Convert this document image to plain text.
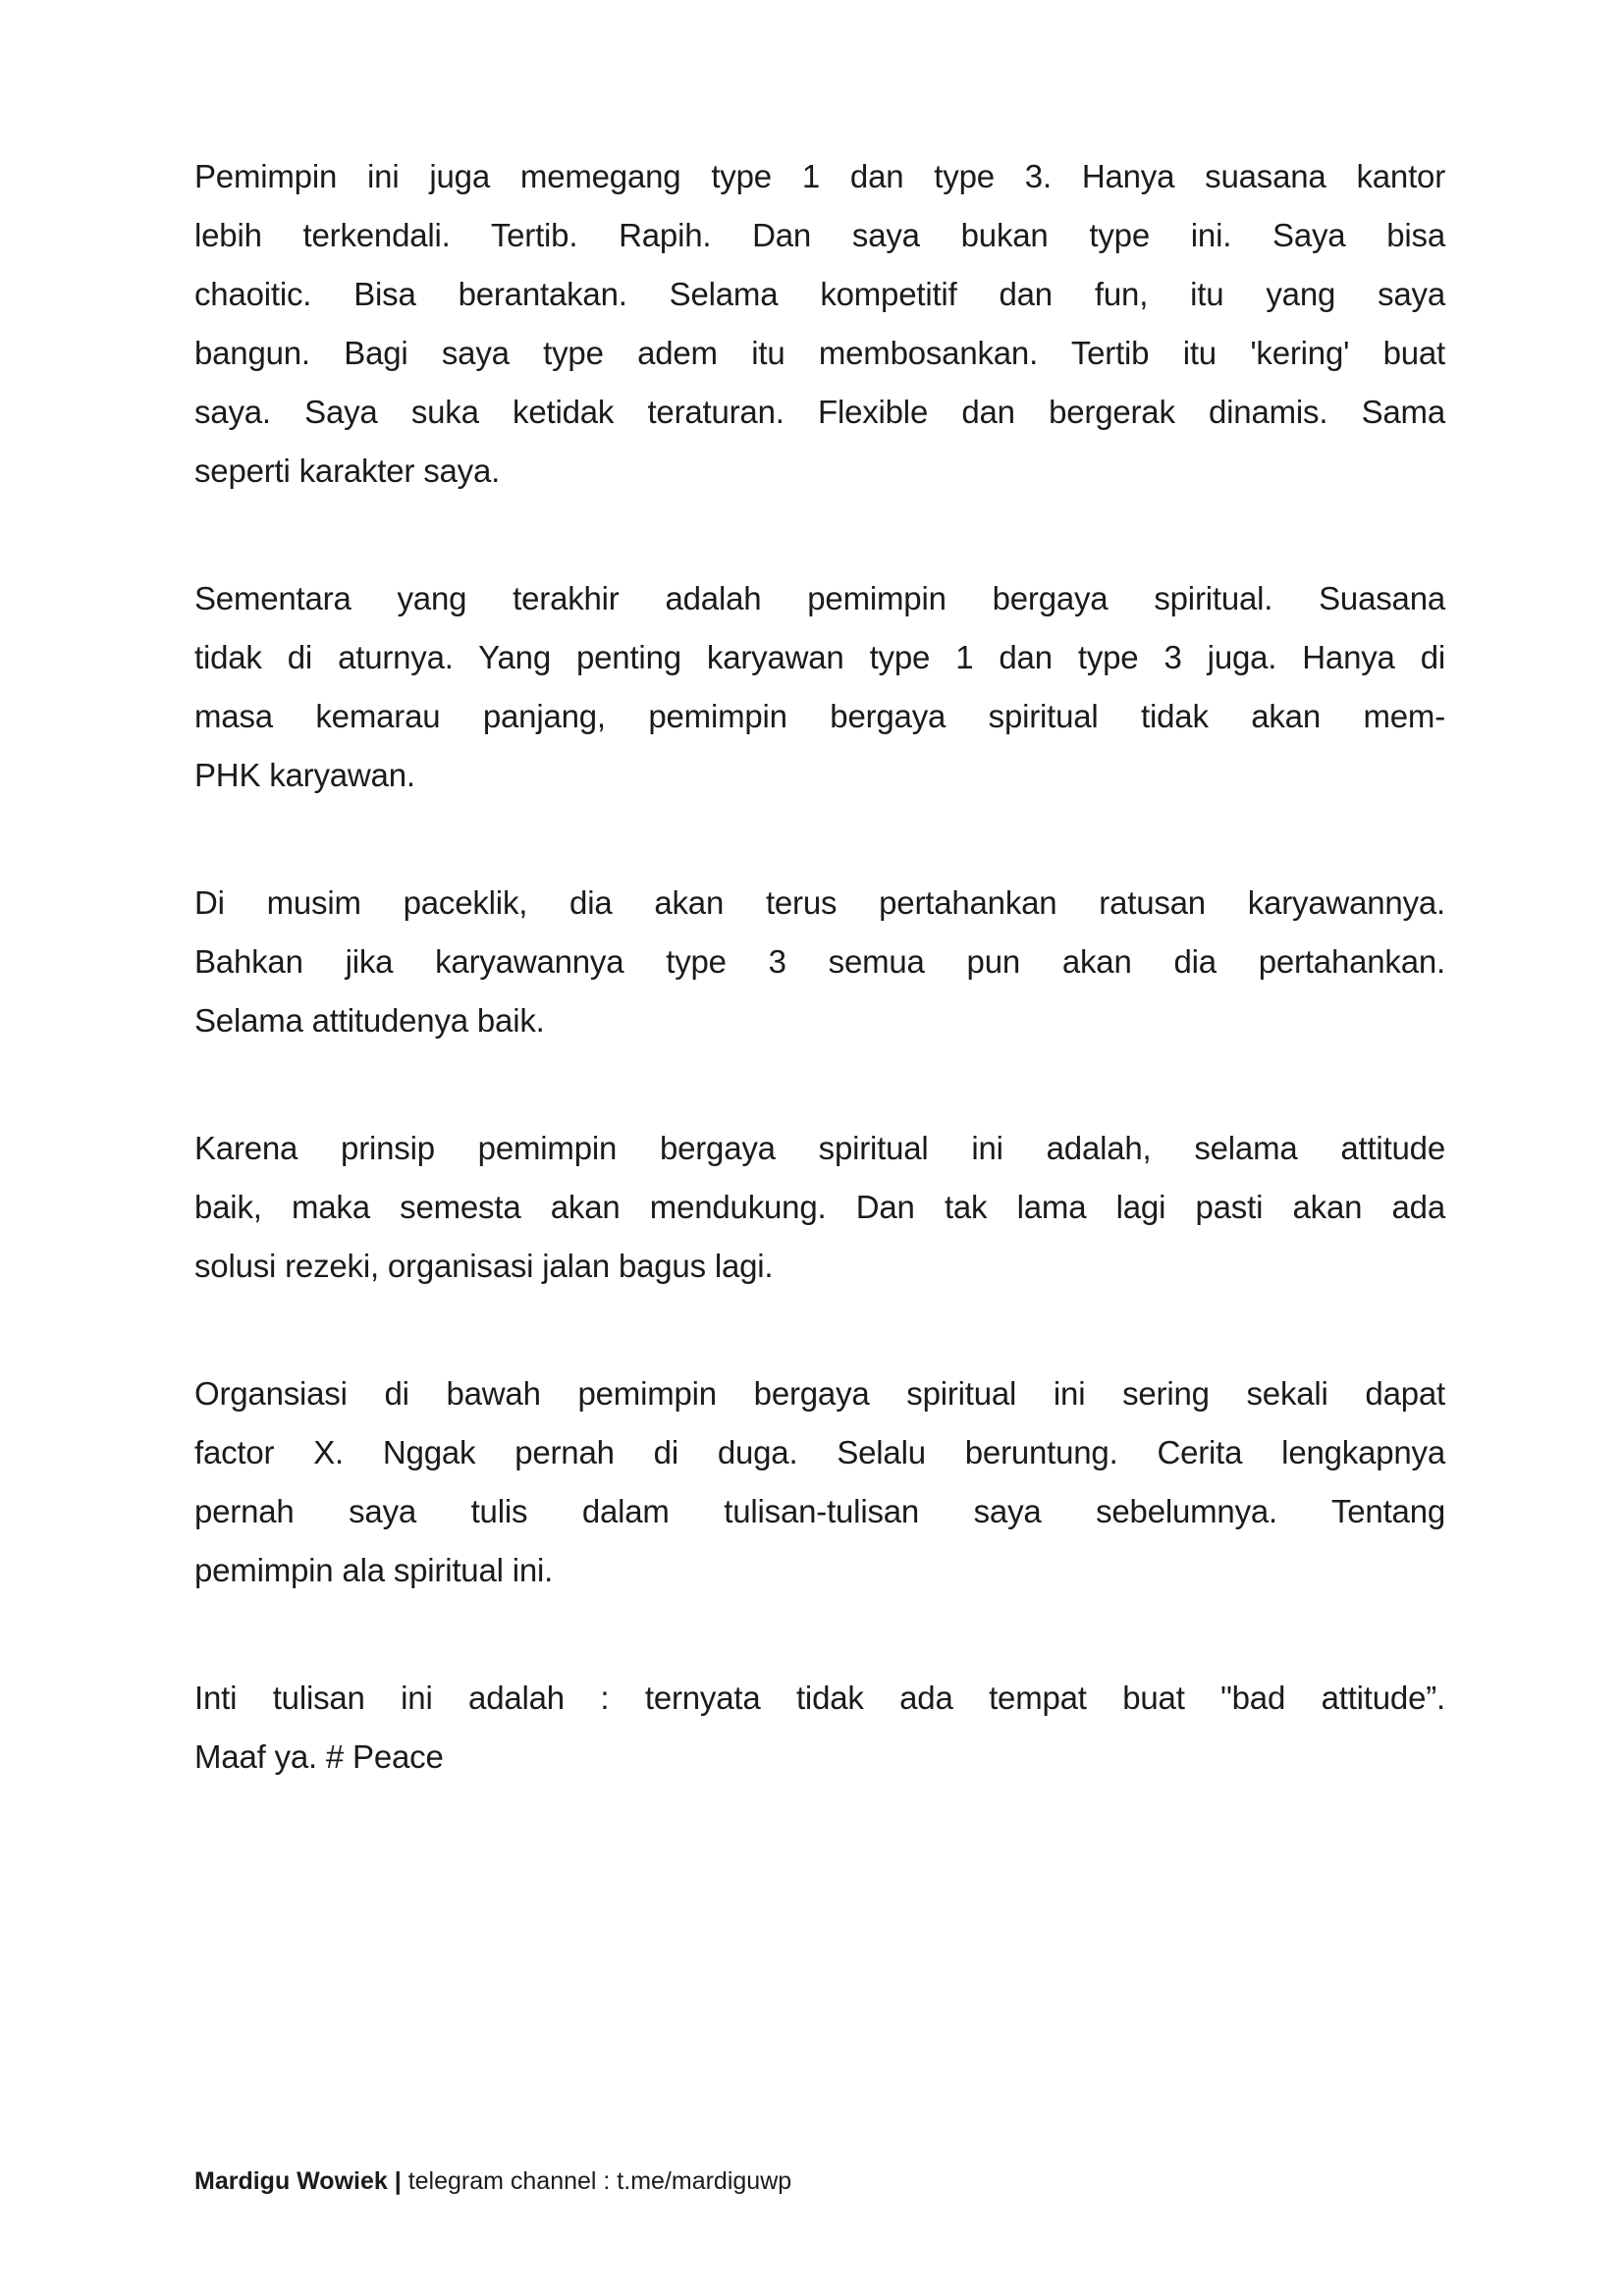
Pemimpin ini juga memegang type 1 dan type 3. Hanya suasana kantor
lebih terkendali. Tertib. Rapih. Dan saya bukan type ini. Saya bisa
chaoitic. Bisa berantakan. Selama kompetitif dan fun, itu yang saya
bangun. Bagi saya type adem itu membosankan. Tertib itu 'kering' buat
saya. Saya suka ketidak teraturan. Flexible dan bergerak dinamis. Sama
seperti karakter saya.
Sementara yang terakhir adalah pemimpin bergaya spiritual. Suasana
tidak di aturnya. Yang penting karyawan type 1 dan type 3 juga. Hanya di
masa kemarau panjang, pemimpin bergaya spiritual tidak akan mem-
PHK karyawan.
Di musim paceklik, dia akan terus pertahankan ratusan karyawannya.
Bahkan jika karyawannya type 3 semua pun akan dia pertahankan.
Selama attitudenya baik.
Karena prinsip pemimpin bergaya spiritual ini adalah, selama attitude
baik, maka semesta akan mendukung. Dan tak lama lagi pasti akan ada
solusi rezeki, organisasi jalan bagus lagi.
Organsiasi di bawah pemimpin bergaya spiritual ini sering sekali dapat
factor X. Nggak pernah di duga. Selalu beruntung. Cerita lengkapnya
pernah saya tulis dalam tulisan-tulisan saya sebelumnya. Tentang
pemimpin ala spiritual ini.
Inti tulisan ini adalah : ternyata tidak ada tempat buat "bad attitude”.
Maaf ya. # Peace
Mardigu Wowiek | telegram channel : t.me/mardiguwp
